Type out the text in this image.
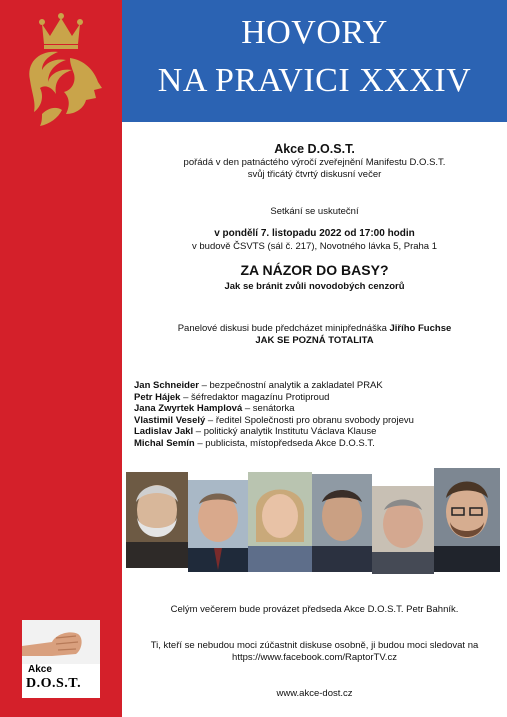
HOVORY
NA PRAVICI XXXIV
Akce D.O.S.T.
pořádá v den patnáctého výročí zveřejnění Manifestu D.O.S.T.
svůj třicátý čtvrtý diskusní večer
Setkání se uskuteční
v pondělí 7. listopadu 2022 od 17:00 hodin
v budově ČSVTS (sál č. 217), Novotného lávka 5, Praha 1
ZA NÁZOR DO BASY?
Jak se bránit zvůli novodobých cenzorů
Panelové diskusi bude předcházet minipřednáška Jiřího Fuchse
JAK SE POZNÁ TOTALITA
Jan Schneider – bezpečnostní analytik a zakladatel PRAK
Petr Hájek – šéfredaktor magazínu Protiproud
Jana Zwyrtek Hamplová – senátorka
Vlastimil Veselý – ředitel Společnosti pro obranu svobody projevu
Ladislav Jakl – politický analytik Institutu Václava Klause
Michal Semín – publicista, místopředseda Akce D.O.S.T.
Celým večerem bude provázet předseda Akce D.O.S.T. Petr Bahník.
Ti, kteří se nebudou moci zúčastnit diskuse osobně, ji budou moci sledovat na
https://www.facebook.com/RaptorTV.cz
www.akce-dost.cz
Akce
D.O.S.T.
